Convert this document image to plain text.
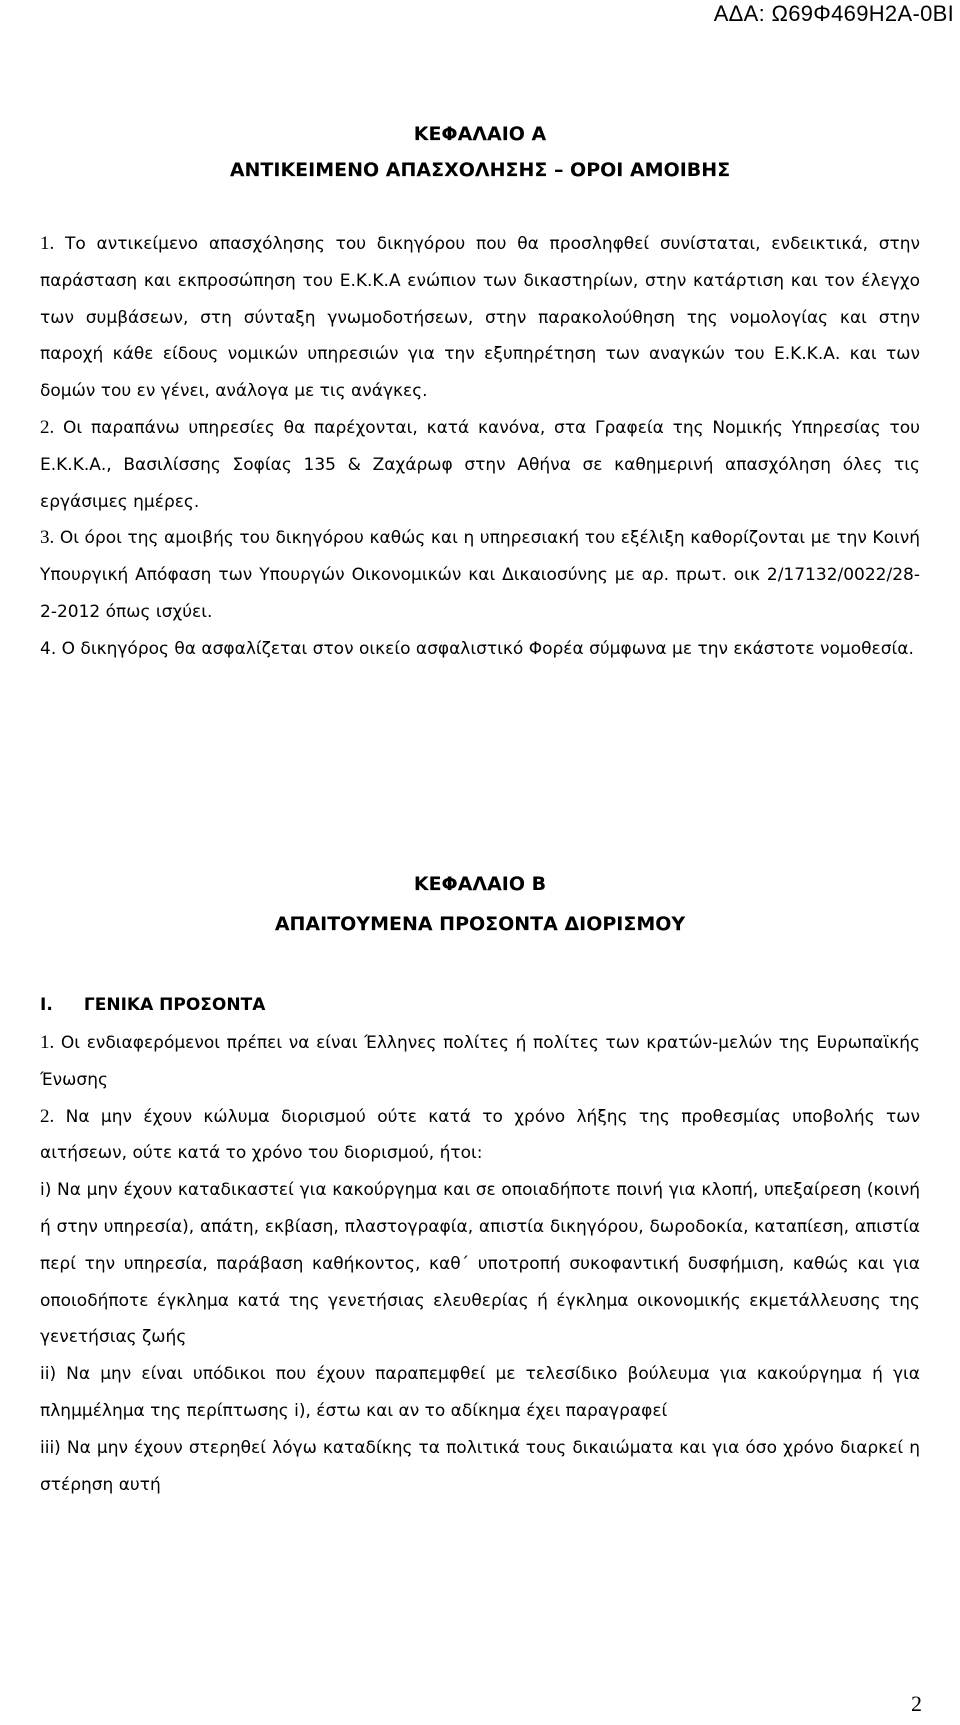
ΑΔΑ: Ω69Φ469Η2Α-0ΒΙ
ΚΕΦΑΛΑΙΟ Α
ΑΝΤΙΚΕΙΜΕΝΟ ΑΠΑΣΧΟΛΗΣΗΣ – ΟΡΟΙ ΑΜΟΙΒΗΣ

1. Το αντικείμενο απασχόλησης του δικηγόρου που θα προσληφθεί συνίσταται, ενδεικτικά, στην παράσταση και εκπροσώπηση του Ε.Κ.Κ.Α ενώπιον των δικαστηρίων, στην κατάρτιση και τον έλεγχο των συμβάσεων, στη σύνταξη γνωμοδοτήσεων, στην παρακολούθηση της νομολογίας και στην παροχή κάθε είδους νομικών υπηρεσιών για την εξυπηρέτηση των αναγκών του Ε.Κ.Κ.Α. και των δομών του εν γένει, ανάλογα με τις ανάγκες.

2. Οι παραπάνω υπηρεσίες θα παρέχονται, κατά κανόνα, στα Γραφεία της Νομικής Υπηρεσίας του Ε.Κ.Κ.Α., Βασιλίσσης Σοφίας 135 & Ζαχάρωφ στην Αθήνα σε καθημερινή απασχόληση όλες τις εργάσιμες ημέρες.

3. Οι όροι της αμοιβής του δικηγόρου καθώς και η υπηρεσιακή του εξέλιξη καθορίζονται με την Κοινή Υπουργική Απόφαση των Υπουργών Οικονομικών και Δικαιοσύνης με αρ. πρωτ. οικ 2/17132/0022/28-2-2012 όπως ισχύει.

4. Ο δικηγόρος θα ασφαλίζεται στον οικείο ασφαλιστικό Φορέα σύμφωνα με την εκάστοτε νομοθεσία.

ΚΕΦΑΛΑΙΟ Β
ΑΠΑΙΤΟΥΜΕΝΑ ΠΡΟΣΟΝΤΑ ΔΙΟΡΙΣΜΟΥ
Ι. ΓΕΝΙΚΑ ΠΡΟΣΟΝΤΑ

1. Οι ενδιαφερόμενοι πρέπει να είναι Έλληνες πολίτες ή πολίτες των κρατών-μελών της Ευρωπαϊκής Ένωσης

2. Να μην έχουν κώλυμα διορισμού ούτε κατά το χρόνο λήξης της προθεσμίας υποβολής των αιτήσεων, ούτε κατά το χρόνο του διορισμού, ήτοι:

i) Να μην έχουν καταδικαστεί για κακούργημα και σε οποιαδήποτε ποινή για κλοπή, υπεξαίρεση (κοινή ή στην υπηρεσία), απάτη, εκβίαση, πλαστογραφία, απιστία δικηγόρου, δωροδοκία, καταπίεση, απιστία περί την υπηρεσία, παράβαση καθήκοντος, καθ΄ υποτροπή συκοφαντική δυσφήμιση, καθώς και για οποιοδήποτε έγκλημα κατά της γενετήσιας ελευθερίας ή έγκλημα οικονομικής εκμετάλλευσης της γενετήσιας ζωής

ii) Να μην είναι υπόδικοι που έχουν παραπεμφθεί με τελεσίδικο βούλευμα για κακούργημα ή για πλημμέλημα της περίπτωσης i), έστω και αν το αδίκημα έχει παραγραφεί

iii) Να μην έχουν στερηθεί λόγω καταδίκης τα πολιτικά τους δικαιώματα και για όσο χρόνο διαρκεί η στέρηση αυτή

2
